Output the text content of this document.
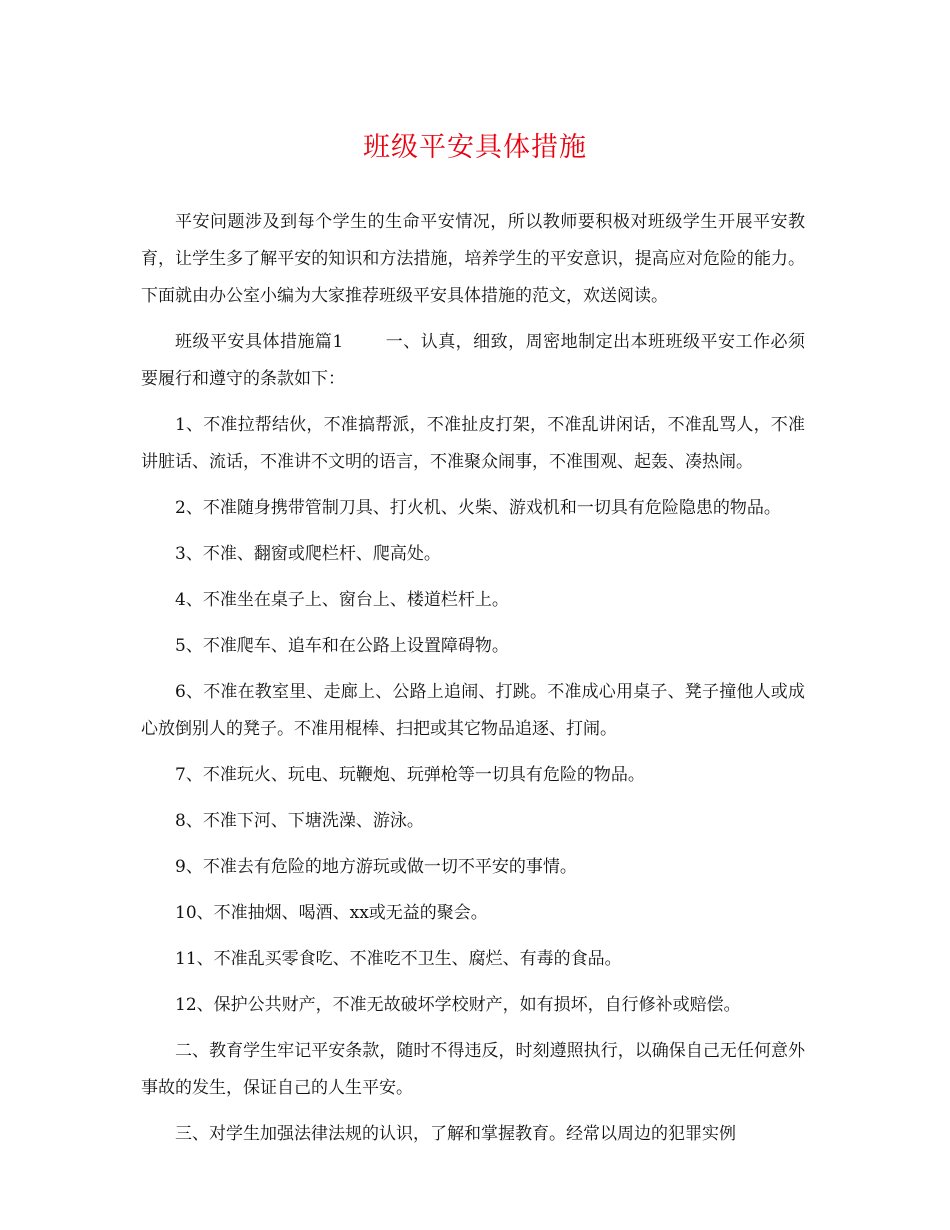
班级平安具体措施

平安问题涉及到每个学生的生命平安情况，所以教师要积极对班级学生开展平安教育，让学生多了解平安的知识和方法措施，培养学生的平安意识，提高应对危险的能力。下面就由办公室小编为大家推荐班级平安具体措施的范文，欢送阅读。

班级平安具体措施篇1 一、认真，细致，周密地制定出本班班级平安工作必须要履行和遵守的条款如下：

1、不准拉帮结伙，不准搞帮派，不准扯皮打架，不准乱讲闲话，不准乱骂人，不准讲脏话、流话，不准讲不文明的语言，不准聚众闹事，不准围观、起轰、凑热闹。

2、不准随身携带管制刀具、打火机、火柴、游戏机和一切具有危险隐患的物品。

3、不准、翻窗或爬栏杆、爬高处。

4、不准坐在桌子上、窗台上、楼道栏杆上。

5、不准爬车、追车和在公路上设置障碍物。

6、不准在教室里、走廊上、公路上追闹、打跳。不准成心用桌子、凳子撞他人或成心放倒别人的凳子。不准用棍棒、扫把或其它物品追逐、打闹。

7、不准玩火、玩电、玩鞭炮、玩弹枪等一切具有危险的物品。

8、不准下河、下塘洗澡、游泳。

9、不准去有危险的地方游玩或做一切不平安的事情。

10、不准抽烟、喝酒、xx或无益的聚会。

11、不准乱买零食吃、不准吃不卫生、腐烂、有毒的食品。

12、保护公共财产，不准无故破坏学校财产，如有损坏，自行修补或赔偿。

二、教育学生牢记平安条款，随时不得违反，时刻遵照执行，以确保自己无任何意外事故的发生，保证自己的人生平安。

三、对学生加强法律法规的认识，了解和掌握教育。经常以周边的犯罪实例
